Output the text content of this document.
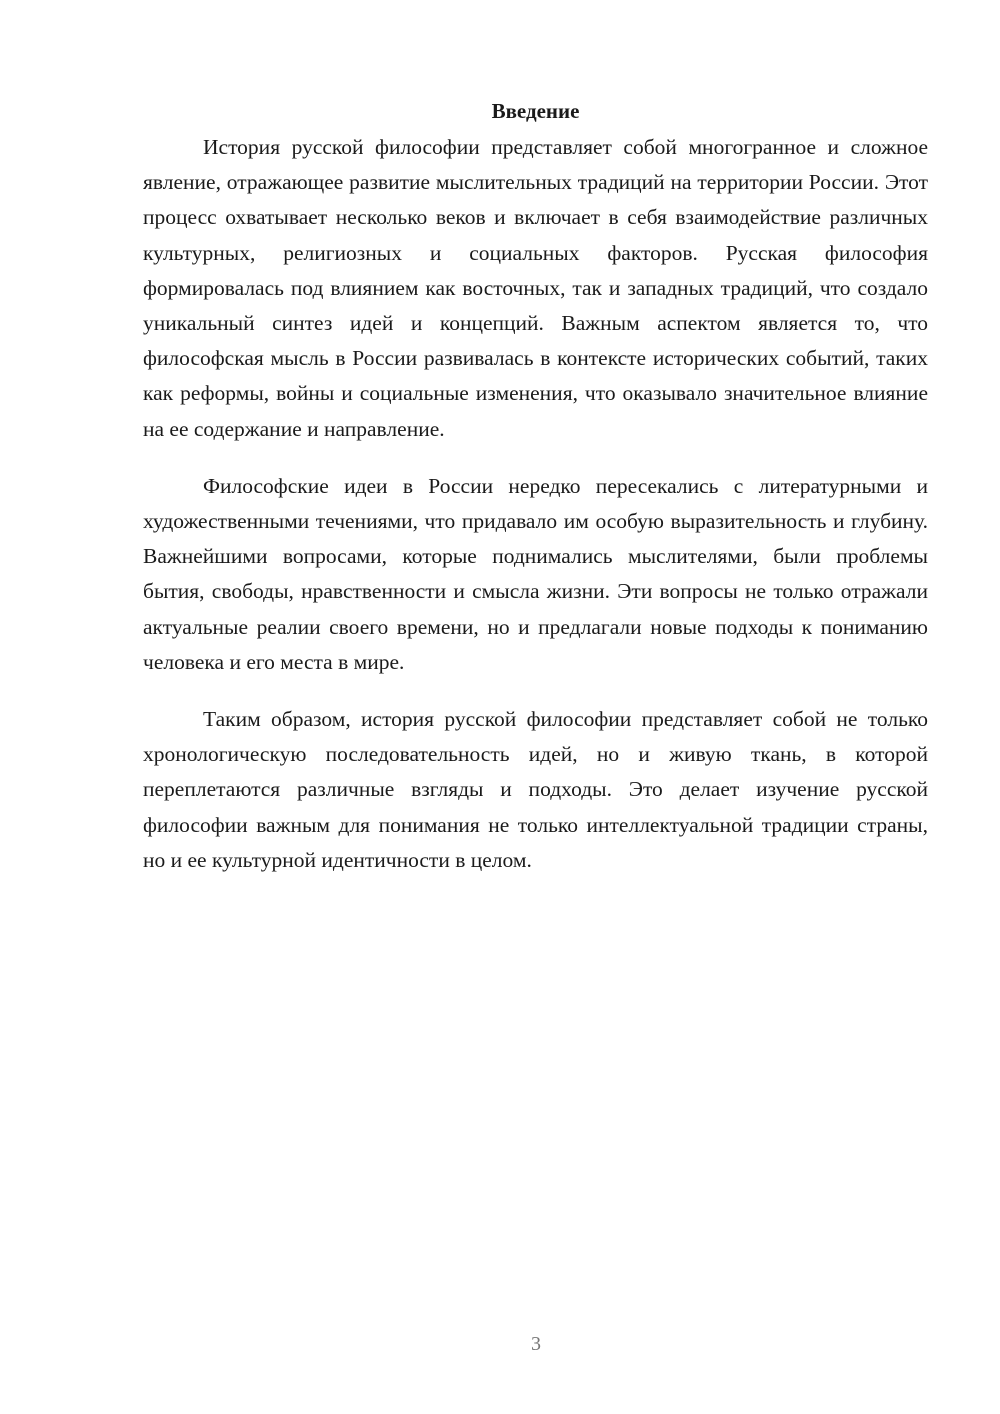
Введение

История русской философии представляет собой многогранное и сложное явление, отражающее развитие мыслительных традиций на территории России. Этот процесс охватывает несколько веков и включает в себя взаимодействие различных культурных, религиозных и социальных факторов. Русская философия формировалась под влиянием как восточных, так и западных традиций, что создало уникальный синтез идей и концепций. Важным аспектом является то, что философская мысль в России развивалась в контексте исторических событий, таких как реформы, войны и социальные изменения, что оказывало значительное влияние на ее содержание и направление.

Философские идеи в России нередко пересекались с литературными и художественными течениями, что придавало им особую выразительность и глубину. Важнейшими вопросами, которые поднимались мыслителями, были проблемы бытия, свободы, нравственности и смысла жизни. Эти вопросы не только отражали актуальные реалии своего времени, но и предлагали новые подходы к пониманию человека и его места в мире.

Таким образом, история русской философии представляет собой не только хронологическую последовательность идей, но и живую ткань, в которой переплетаются различные взгляды и подходы. Это делает изучение русской философии важным для понимания не только интеллектуальной традиции страны, но и ее культурной идентичности в целом.

3
